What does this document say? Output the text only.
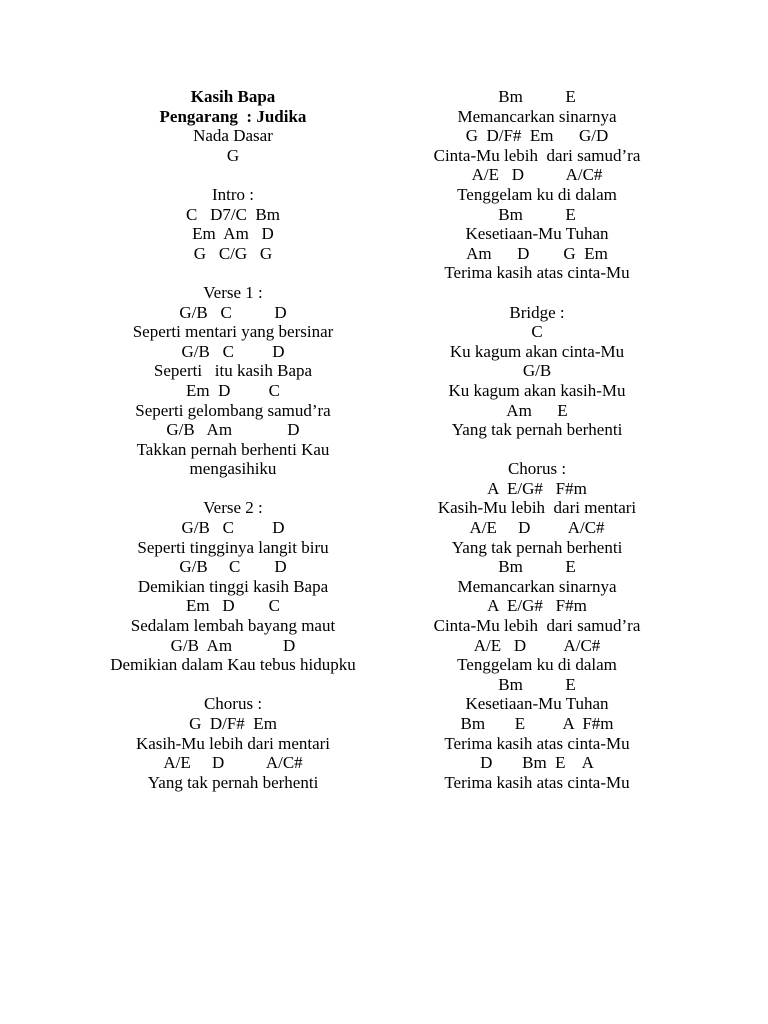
Kasih Bapa
Pengarang  : Judika
Nada Dasar
G

Intro :
C   D7/C  Bm
Em  Am   D
G   C/G   G

Verse 1 :
G/B   C          D
Seperti mentari yang bersinar
G/B   C         D
Seperti   itu kasih Bapa
Em  D         C
Seperti gelombang samud’ra
G/B   Am             D
Takkan pernah berhenti Kau
mengasihiku

Verse 2 :
G/B   C         D
Seperti tingginya langit biru
G/B     C        D
Demikian tinggi kasih Bapa
Em   D        C
Sedalam lembah bayang maut
G/B  Am            D
Demikian dalam Kau tebus hidupku

Chorus :
G  D/F#  Em
Kasih-Mu lebih dari mentari
A/E     D          A/C#
Yang tak pernah berhenti
Bm          E
Memancarkan sinarnya
G  D/F#  Em      G/D
Cinta-Mu lebih  dari samud’ra
A/E   D          A/C#
Tenggelam ku di dalam
Bm          E
Kesetiaan-Mu Tuhan
Am      D        G  Em
Terima kasih atas cinta-Mu

Bridge :
C
Ku kagum akan cinta-Mu
G/B
Ku kagum akan kasih-Mu
Am      E
Yang tak pernah berhenti

Chorus :
A  E/G#   F#m
Kasih-Mu lebih  dari mentari
A/E     D         A/C#
Yang tak pernah berhenti
Bm          E
Memancarkan sinarnya
A  E/G#   F#m
Cinta-Mu lebih  dari samud’ra
A/E   D         A/C#
Tenggelam ku di dalam
Bm          E
Kesetiaan-Mu Tuhan
Bm       E         A  F#m
Terima kasih atas cinta-Mu
D       Bm  E    A
Terima kasih atas cinta-Mu
